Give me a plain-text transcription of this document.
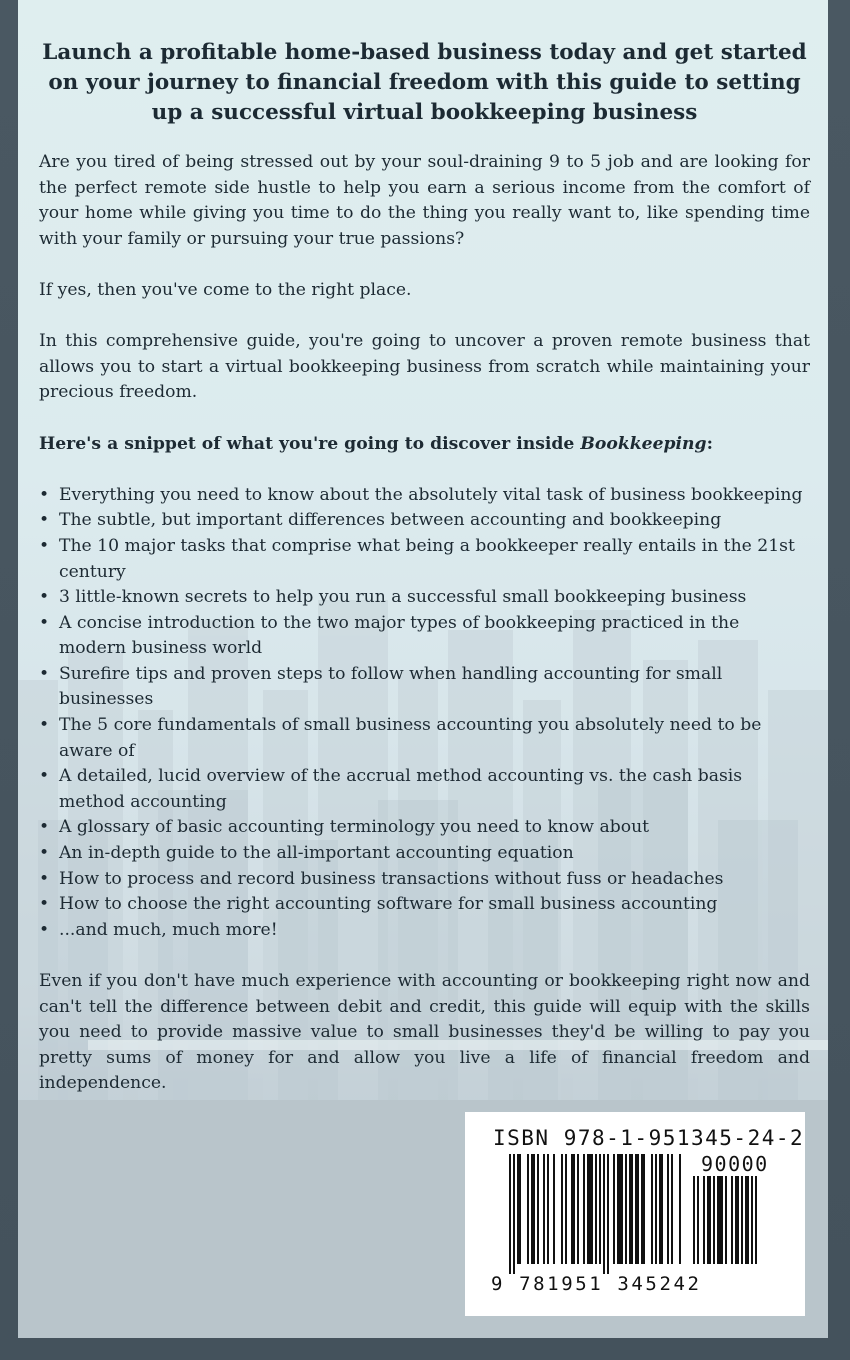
Launch a profitable home-based business today and get started on your journey to financial freedom with this guide to setting up a successful virtual bookkeeping business

Are you tired of being stressed out by your soul-draining 9 to 5 job and are looking for the perfect remote side hustle to help you earn a serious income from the comfort of your home while giving you time to do the thing you really want to, like spending time with your family or pursuing your true passions?

If yes, then you've come to the right place.

In this comprehensive guide, you're going to uncover a proven remote business that allows you to start a virtual bookkeeping business from scratch while maintaining your precious freedom.

Here's a snippet of what you're going to discover inside Bookkeeping:
• Everything you need to know about the absolutely vital task of business bookkeeping
• The subtle, but important differences between accounting and bookkeeping
• The 10 major tasks that comprise what being a bookkeeper really entails in the 21st century
• 3 little-known secrets to help you run a successful small bookkeeping business
• A concise introduction to the two major types of bookkeeping practiced in the modern business world
• Surefire tips and proven steps to follow when handling accounting for small businesses
• The 5 core fundamentals of small business accounting you absolutely need to be aware of
• A detailed, lucid overview of the accrual method accounting vs. the cash basis method accounting
• A glossary of basic accounting terminology you need to know about
• An in-depth guide to the all-important accounting equation
• How to process and record business transactions without fuss or headaches
• How to choose the right accounting software for small business accounting
• ...and much, much more!

Even if you don't have much experience with accounting or bookkeeping right now and can't tell the difference between debit and credit, this guide will equip with the skills you need to provide massive value to small businesses they'd be willing to pay you pretty sums of money for and allow you live a life of financial freedom and independence.

ISBN 978-1-951345-24-2
90000
9 781951 345242
